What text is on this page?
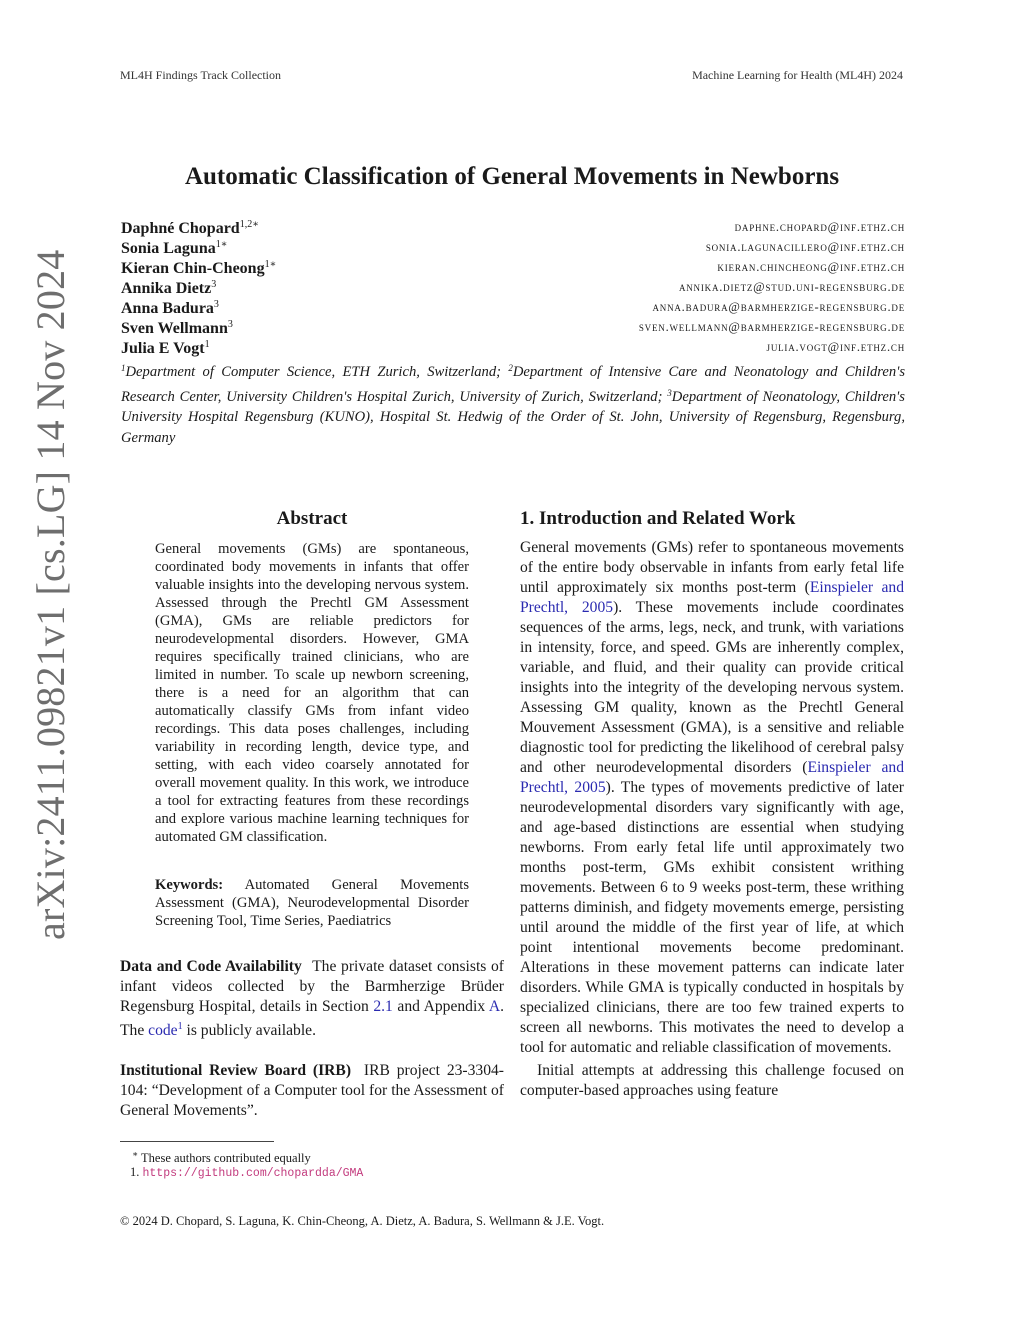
ML4H Findings Track Collection	Machine Learning for Health (ML4H) 2024
arXiv:2411.09821v1 [cs.LG] 14 Nov 2024
Automatic Classification of General Movements in Newborns
Daphné Chopard$^{1,2∗}$	daphne.chopard@inf.ethz.ch
Sonia Laguna$^{1∗}$	sonia.lagunacillero@inf.ethz.ch
Kieran Chin-Cheong$^{1∗}$	kieran.chincheong@inf.ethz.ch
Annika Dietz$^3$	annika.dietz@stud.uni-regensburg.de
Anna Badura$^3$	anna.badura@barmherzige-regensburg.de
Sven Wellmann$^3$	sven.wellmann@barmherzige-regensburg.de
Julia E Vogt$^1$	julia.vogt@inf.ethz.ch
$^1$Department of Computer Science, ETH Zurich, Switzerland; $^2$Department of Intensive Care and Neonatology and Children's Research Center, University Children's Hospital Zurich, University of Zurich, Switzerland; $^3$Department of Neonatology, Children's University Hospital Regensburg (KUNO), Hospital St. Hedwig of the Order of St. John, University of Regensburg, Regensburg, Germany
Abstract
General movements (GMs) are spontaneous, coordinated body movements in infants that offer valuable insights into the developing nervous system. Assessed through the Prechtl GM Assessment (GMA), GMs are reliable predictors for neurodevelopmental disorders. However, GMA requires specifically trained clinicians, who are limited in number. To scale up newborn screening, there is a need for an algorithm that can automatically classify GMs from infant video recordings. This data poses challenges, including variability in recording length, device type, and setting, with each video coarsely annotated for overall movement quality. In this work, we introduce a tool for extracting features from these recordings and explore various machine learning techniques for automated GM classification.
Keywords: Automated General Movements Assessment (GMA), Neurodevelopmental Disorder Screening Tool, Time Series, Paediatrics
Data and Code Availability The private dataset consists of infant videos collected by the Barmherzige Brüder Regensburg Hospital, details in Section 2.1 and Appendix A. The code$^1$ is publicly available.
Institutional Review Board (IRB) IRB project 23-3304-104: “Development of a Computer tool for the Assessment of General Movements”.
∗ These authors contributed equally
1. https://github.com/chopardda/GMA
1. Introduction and Related Work

General movements (GMs) refer to spontaneous movements of the entire body observable in infants from early fetal life until approximately six months post-term (Einspieler and Prechtl, 2005). These movements include coordinates sequences of the arms, legs, neck, and trunk, with variations in intensity, force, and speed. GMs are inherently complex, variable, and fluid, and their quality can provide critical insights into the integrity of the developing nervous system. Assessing GM quality, known as the Prechtl General Mouvement Assessment (GMA), is a sensitive and reliable diagnostic tool for predicting the likelihood of cerebral palsy and other neurodevelopmental disorders (Einspieler and Prechtl, 2005). The types of movements predictive of later neurodevelopmental disorders vary significantly with age, and age-based distinctions are essential when studying newborns. From early fetal life until approximately two months post-term, GMs exhibit consistent writhing movements. Between 6 to 9 weeks post-term, these writhing patterns diminish, and fidgety movements emerge, persisting until around the middle of the first year of life, at which point intentional movements become predominant. Alterations in these movement patterns can indicate later disorders. While GMA is typically conducted in hospitals by specialized clinicians, there are too few trained experts to screen all newborns. This motivates the need to develop a tool for automatic and reliable classification of movements.

Initial attempts at addressing this challenge focused on computer-based approaches using feature

© 2024 D. Chopard, S. Laguna, K. Chin-Cheong, A. Dietz, A. Badura, S. Wellmann & J.E. Vogt.
